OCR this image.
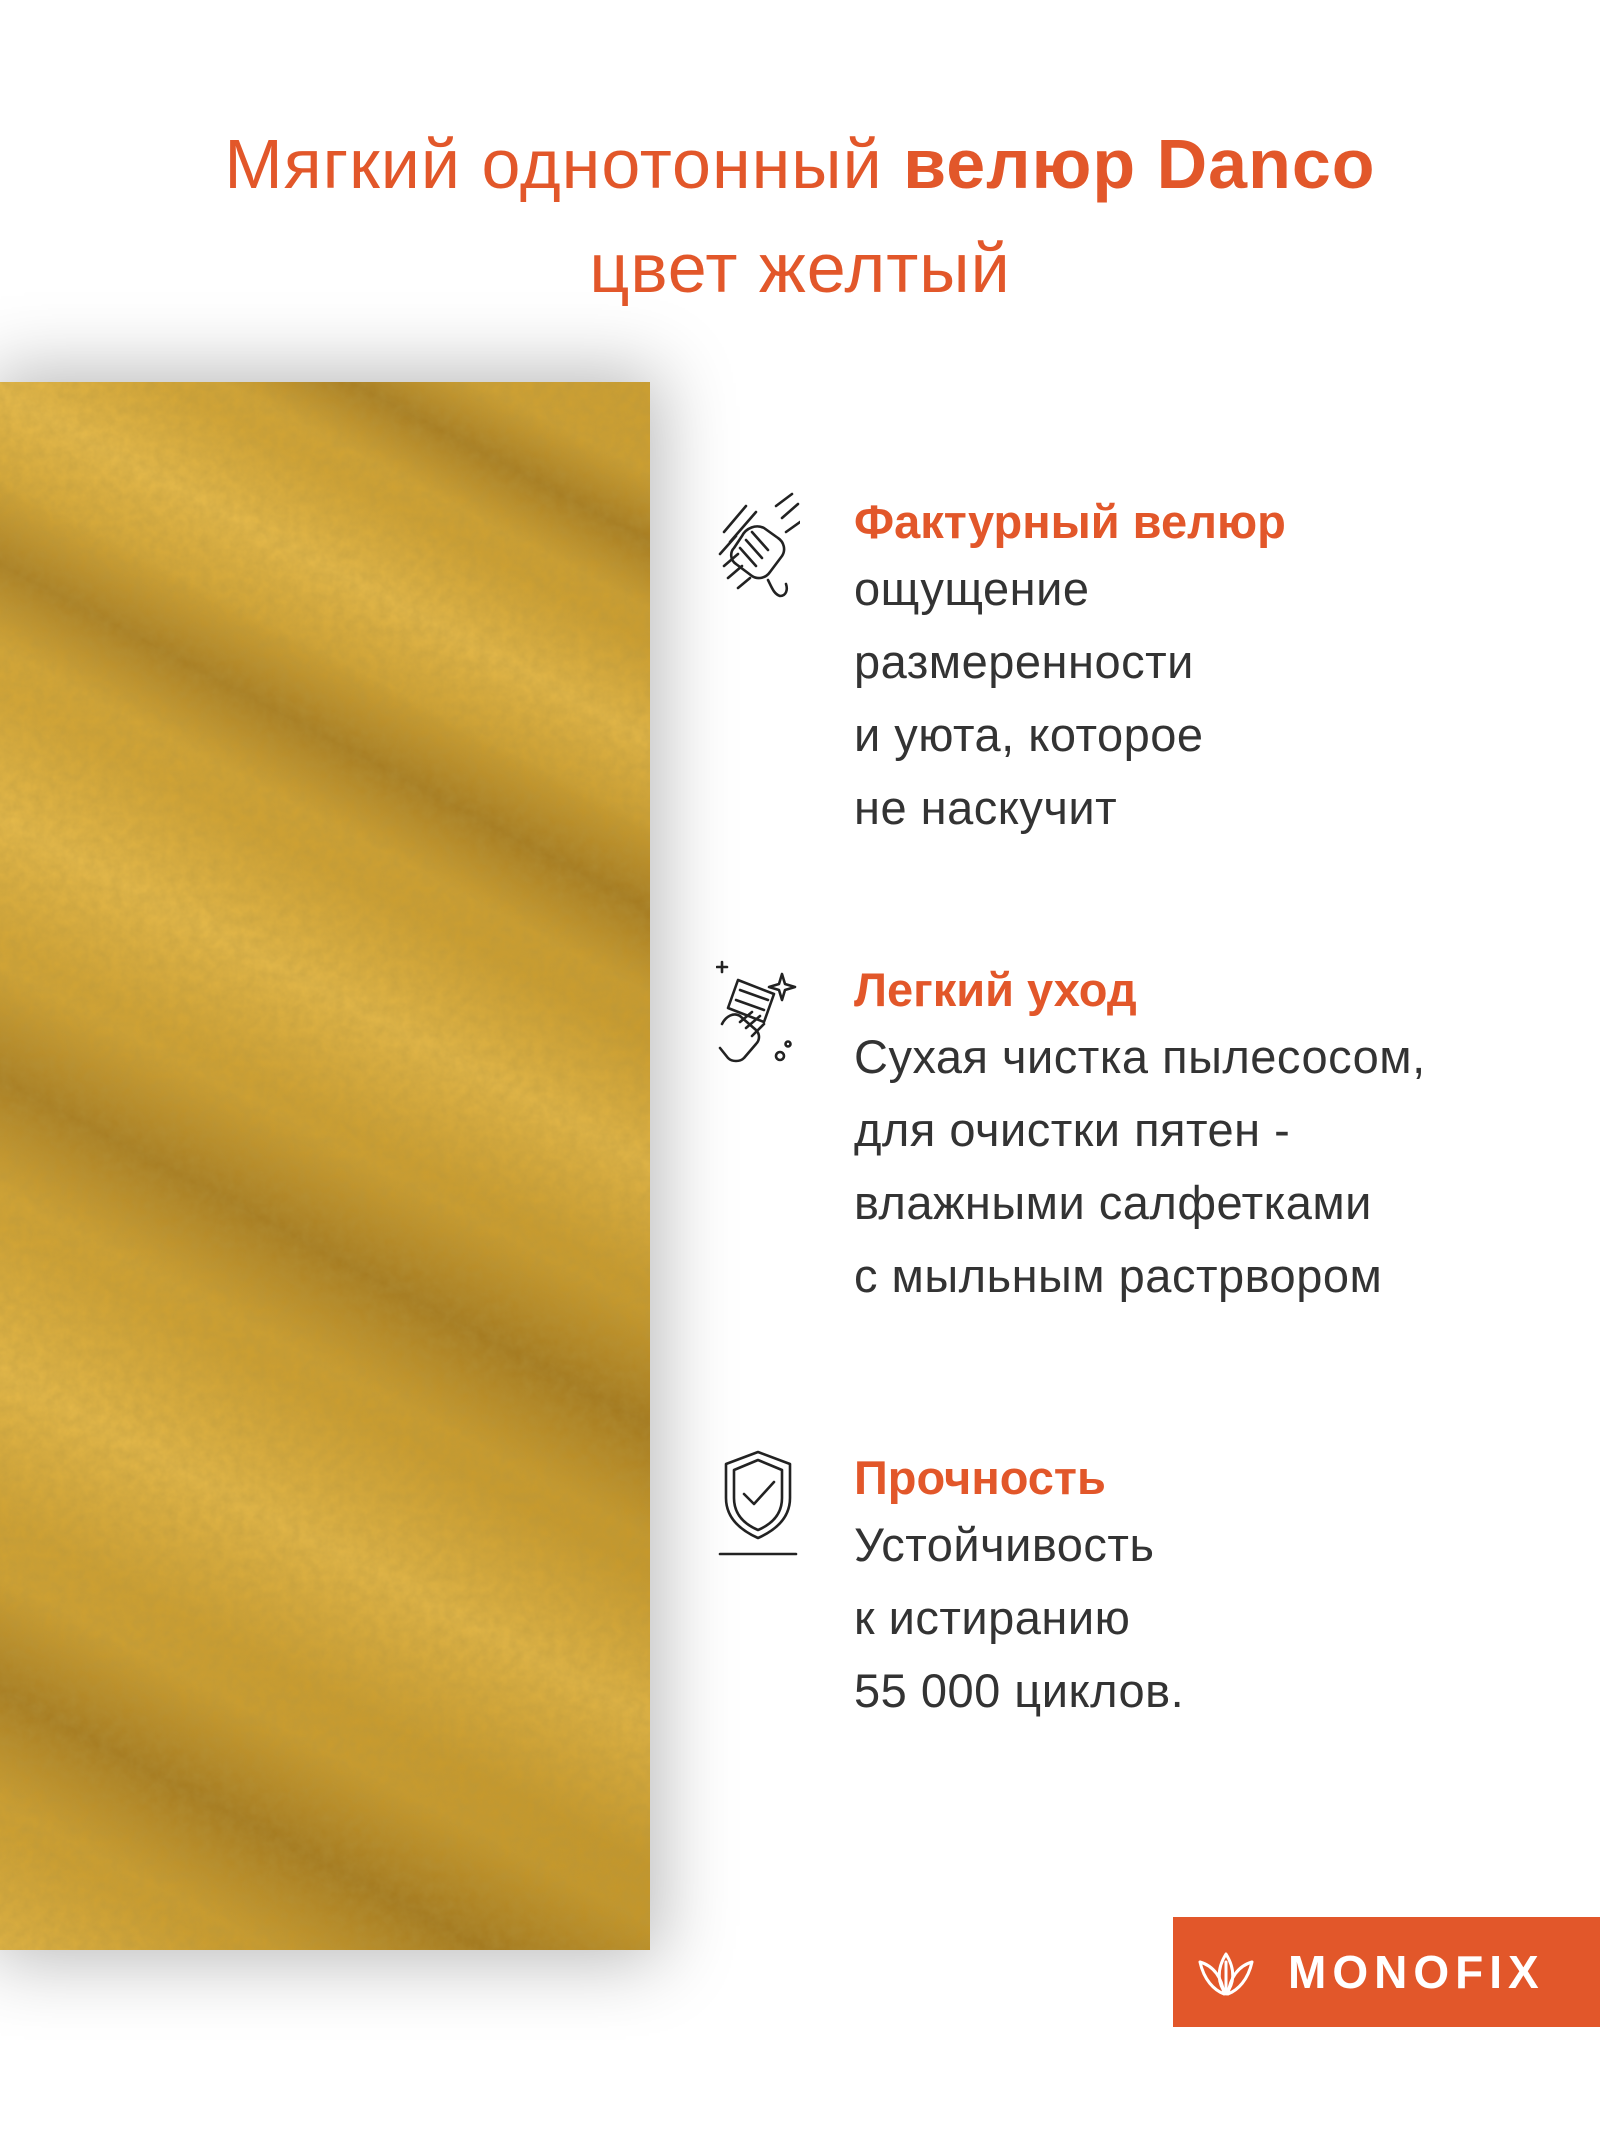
Мягкий однотонный велюр Danco
цвет желтый
Фактурный велюр
ощущение
размеренности
и уюта, которое
не наскучит
Легкий уход
Сухая чистка пылесосом,
для очистки пятен -
влажными салфетками
с мыльным растрвором
Прочность
Устойчивость
к истиранию
55 000 циклов.
MONOFIX
